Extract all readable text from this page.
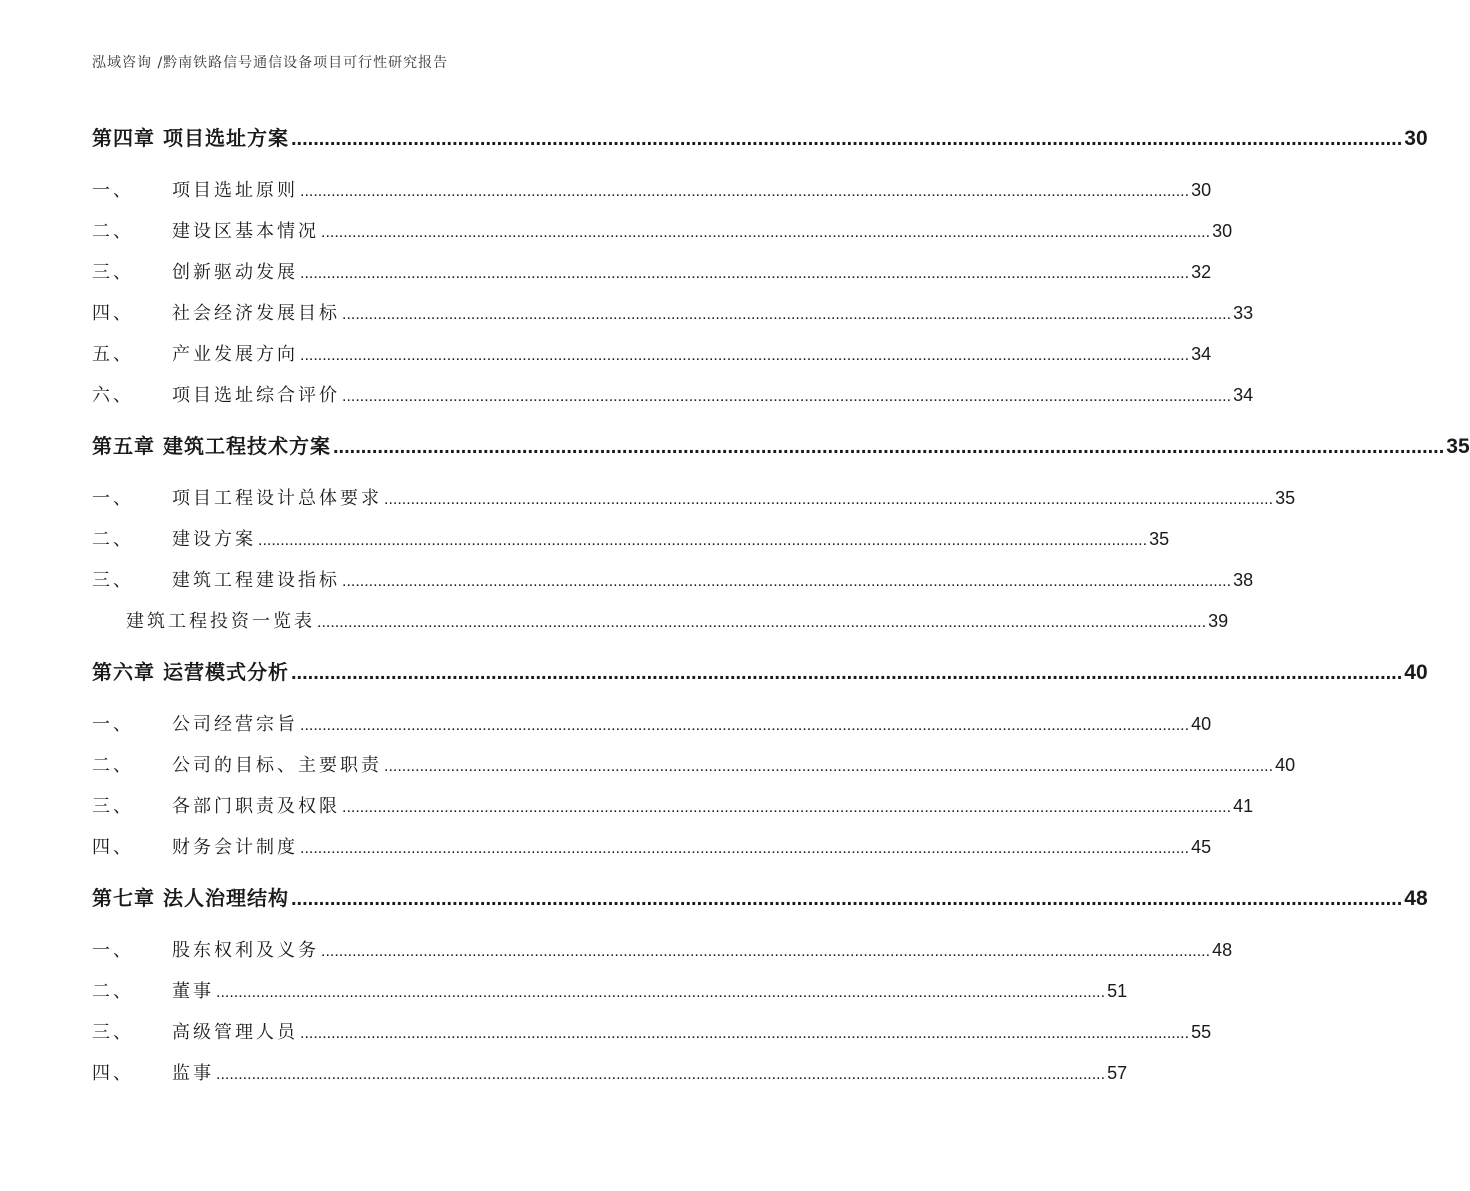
泓域咨询 /黔南铁路信号通信设备项目可行性研究报告
第四章 项目选址方案 ........................................................................................................................................................................................................ 30
一、	项目选址原则 ........................................................................................................................................................................................................ 30
二、	建设区基本情况 ........................................................................................................................................................................................................ 30
三、	创新驱动发展 ........................................................................................................................................................................................................ 32
四、	社会经济发展目标 ........................................................................................................................................................................................................ 33
五、	产业发展方向 ........................................................................................................................................................................................................ 34
六、	项目选址综合评价 ........................................................................................................................................................................................................ 34
第五章 建筑工程技术方案 ........................................................................................................................................................................................................ 35
一、	项目工程设计总体要求 ........................................................................................................................................................................................................ 35
二、	建设方案 ........................................................................................................................................................................................................ 35
三、	建筑工程建设指标 ........................................................................................................................................................................................................ 38
建筑工程投资一览表 ........................................................................................................................................................................................................ 39
第六章 运营模式分析 ........................................................................................................................................................................................................ 40
一、	公司经营宗旨 ........................................................................................................................................................................................................ 40
二、	公司的目标、主要职责 ........................................................................................................................................................................................................ 40
三、	各部门职责及权限 ........................................................................................................................................................................................................ 41
四、	财务会计制度 ........................................................................................................................................................................................................ 45
第七章 法人治理结构 ........................................................................................................................................................................................................ 48
一、	股东权利及义务 ........................................................................................................................................................................................................ 48
二、	董事 ........................................................................................................................................................................................................ 51
三、	高级管理人员 ........................................................................................................................................................................................................ 55
四、	监事 ........................................................................................................................................................................................................ 57
